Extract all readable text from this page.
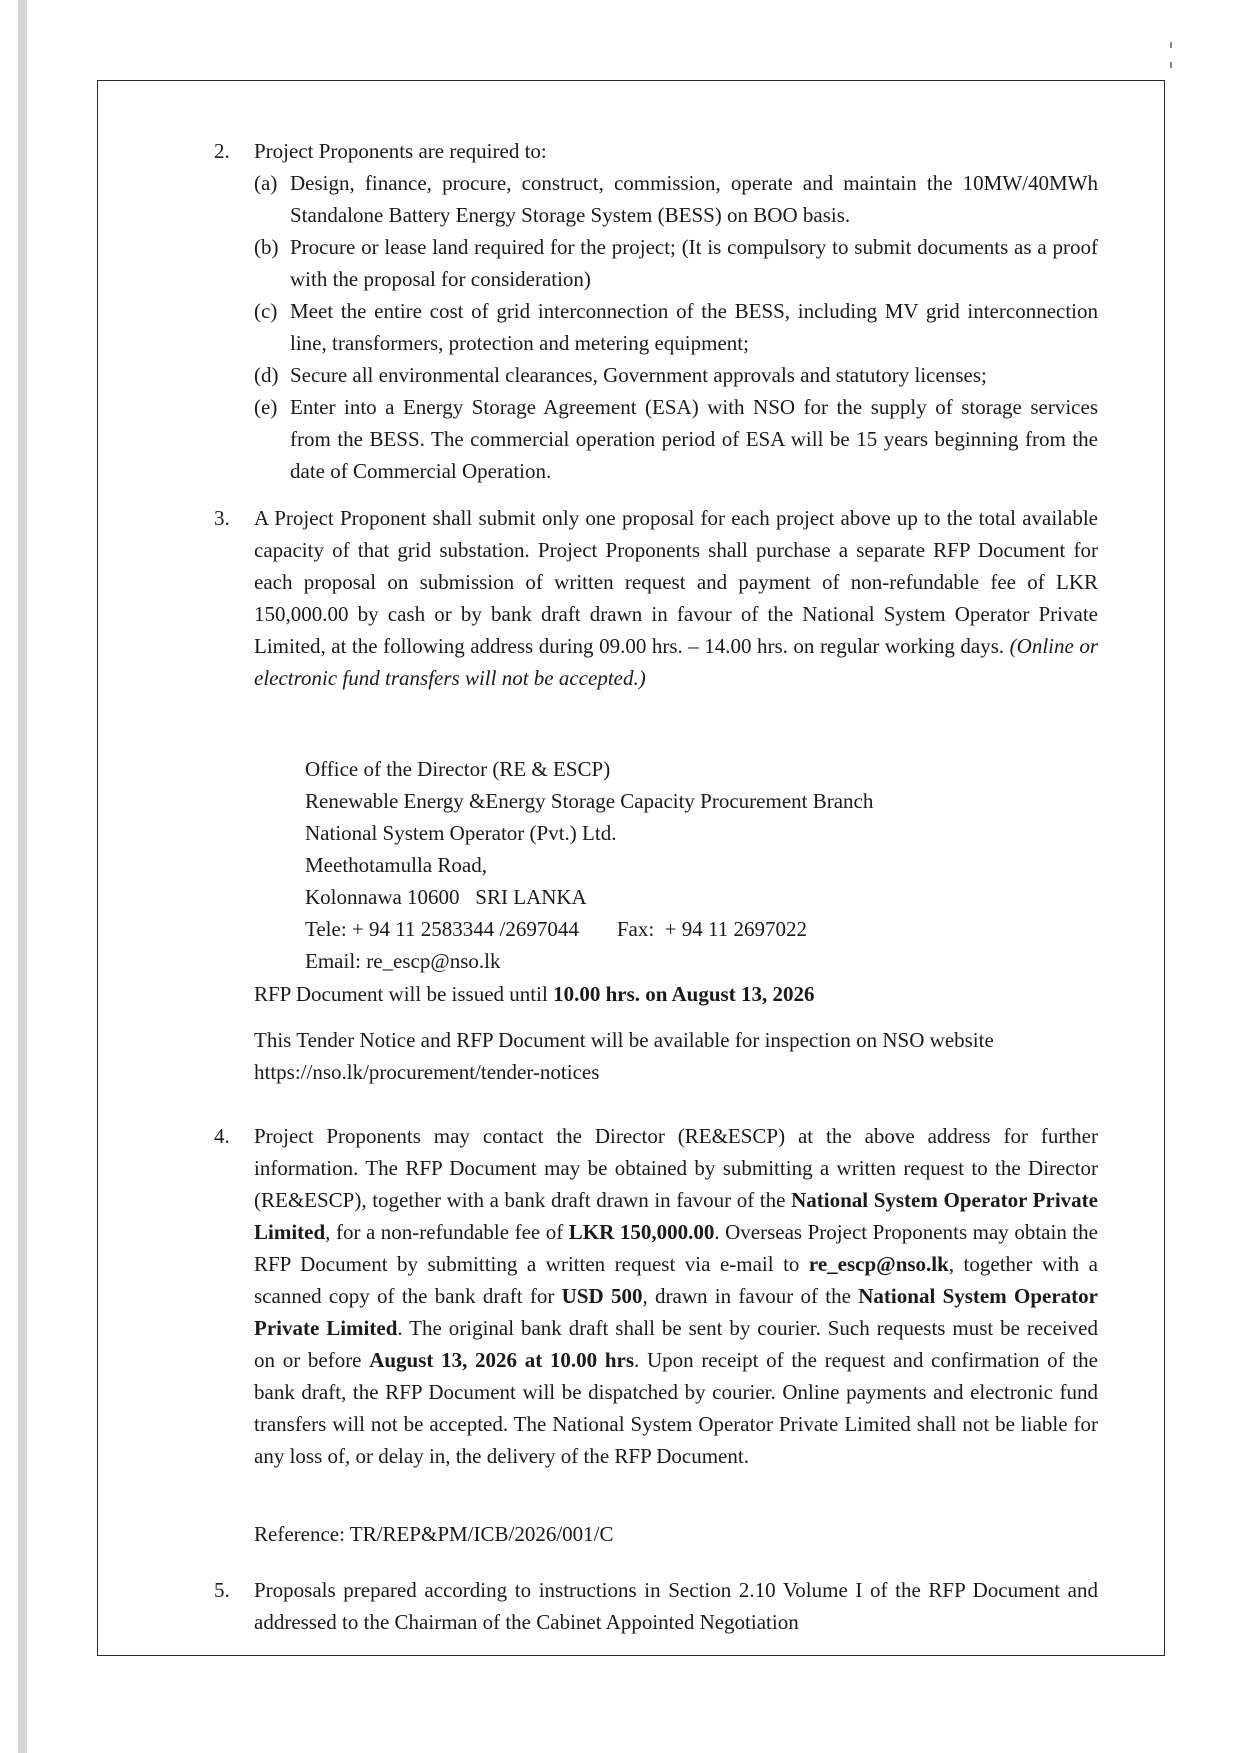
2.	Project Proponents are required to:
(a) Design, finance, procure, construct, commission, operate and maintain the 10MW/40MWh Standalone Battery Energy Storage System (BESS) on BOO basis.
(b) Procure or lease land required for the project; (It is compulsory to submit documents as a proof with the proposal for consideration)
(c) Meet the entire cost of grid interconnection of the BESS, including MV grid interconnection line, transformers, protection and metering equipment;
(d) Secure all environmental clearances, Government approvals and statutory licenses;
(e) Enter into a Energy Storage Agreement (ESA) with NSO for the supply of storage services from the BESS. The commercial operation period of ESA will be 15 years beginning from the date of Commercial Operation.
3.	A Project Proponent shall submit only one proposal for each project above up to the total available capacity of that grid substation. Project Proponents shall purchase a separate RFP Document for each proposal on submission of written request and payment of non-refundable fee of LKR 150,000.00 by cash or by bank draft drawn in favour of the National System Operator Private Limited, at the following address during 09.00 hrs. – 14.00 hrs. on regular working days. (Online or electronic fund transfers will not be accepted.)
Office of the Director (RE & ESCP)
Renewable Energy &Energy Storage Capacity Procurement Branch
National System Operator (Pvt.) Ltd.
Meethotamulla Road,
Kolonnawa 10600   SRI LANKA
Tele: + 94 11 2583344 /2697044 Fax:  + 94 11 2697022
Email: re_escp@nso.lk
RFP Document will be issued until 10.00 hrs. on August 13, 2026
This Tender Notice and RFP Document will be available for inspection on NSO website
https://nso.lk/procurement/tender-notices
4.	Project Proponents may contact the Director (RE&ESCP) at the above address for further information. The RFP Document may be obtained by submitting a written request to the Director (RE&ESCP), together with a bank draft drawn in favour of the National System Operator Private Limited, for a non-refundable fee of LKR 150,000.00. Overseas Project Proponents may obtain the RFP Document by submitting a written request via e-mail to re_escp@nso.lk, together with a scanned copy of the bank draft for USD 500, drawn in favour of the National System Operator Private Limited. The original bank draft shall be sent by courier. Such requests must be received on or before August 13, 2026 at 10.00 hrs. Upon receipt of the request and confirmation of the bank draft, the RFP Document will be dispatched by courier. Online payments and electronic fund transfers will not be accepted. The National System Operator Private Limited shall not be liable for any loss of, or delay in, the delivery of the RFP Document.
Reference: TR/REP&PM/ICB/2026/001/C
5.	Proposals prepared according to instructions in Section 2.10 Volume I of the RFP Document and addressed to the Chairman of the Cabinet Appointed Negotiation
